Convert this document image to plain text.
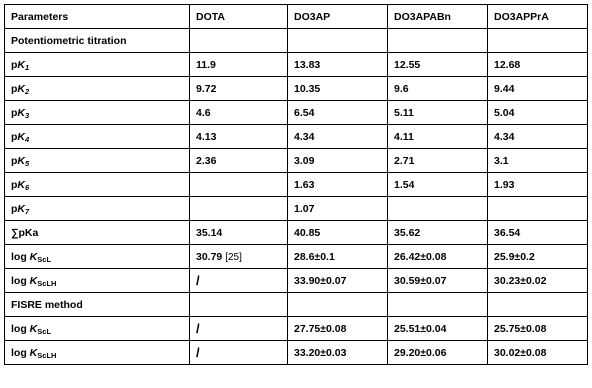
Parameters	DOTA	DO3AP	DO3APABn	DO3APPrA
Potentiometric titration				
pK1	11.9	13.83	12.55	12.68
pK2	9.72	10.35	9.6	9.44
pK3	4.6	6.54	5.11	5.04
pK4	4.13	4.34	4.11	4.34
pK5	2.36	3.09	2.71	3.1
pK6		1.63	1.54	1.93
pK7		1.07		
∑pKa	35.14	40.85	35.62	36.54
log KScL	30.79 [25]	28.6±0.1	26.42±0.08	25.9±0.2
log KScLH	/	33.90±0.07	30.59±0.07	30.23±0.02
FISRE method				
log KScL	/	27.75±0.08	25.51±0.04	25.75±0.08
log KScLH	/	33.20±0.03	29.20±0.06	30.02±0.08
